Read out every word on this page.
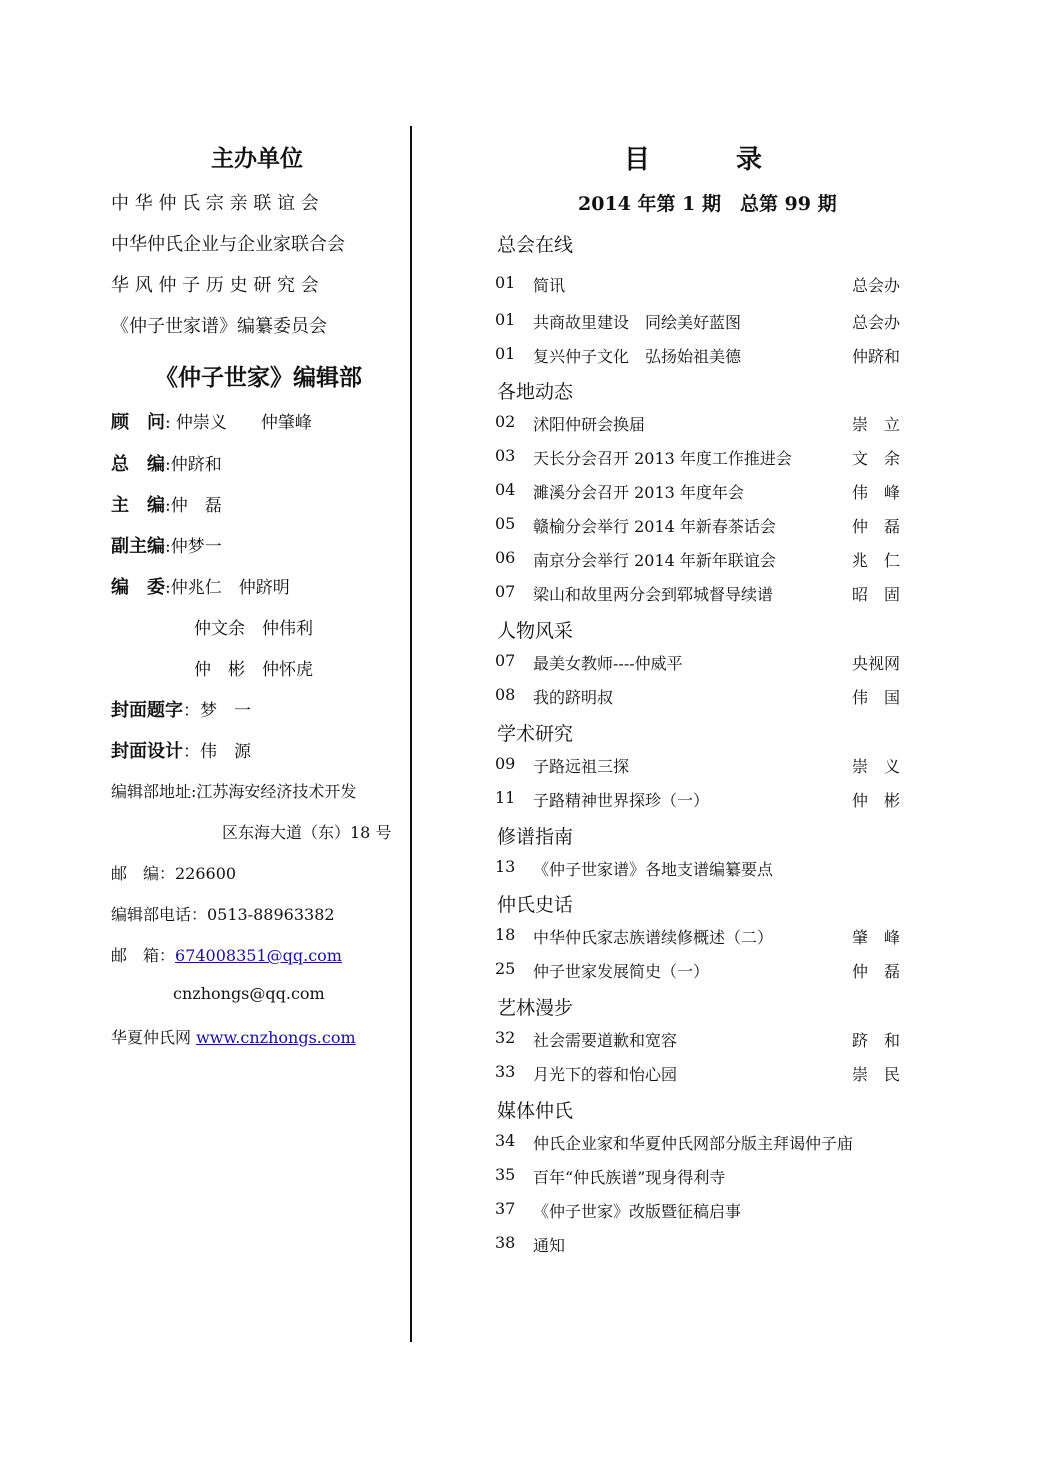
主办单位
中 华 仲 氏 宗 亲 联 谊 会
中华仲氏企业与企业家联合会
华 风 仲 子 历 史 研 究 会
《仲子世家谱》编纂委员会
《仲子世家》编辑部
顾　问: 仲崇义　　仲肇峰
总　编:仲跻和
主　编:仲　磊
副主编:仲梦一
编　委:仲兆仁　仲跻明
仲文余　仲伟利
仲　彬　仲怀虎
封面题字：梦　一
封面设计：伟　源
编辑部地址:江苏海安经济技术开发
区东海大道（东）18 号
邮　编：226600
编辑部电话：0513-88963382
邮　箱：674008351@qq.com
cnzhongs@qq.com
华夏仲氏网 www.cnzhongs.com
目　　　录
2014 年第 1 期　总第 99 期
总会在线
01 简讯	总会办
01 共商故里建设　同绘美好蓝图	总会办
01 复兴仲子文化　弘扬始祖美德	仲跻和
各地动态
02 沭阳仲研会换届	崇　立
03 天长分会召开 2013 年度工作推进会	文　余
04 濉溪分会召开 2013 年度年会	伟　峰
05 赣榆分会举行 2014 年新春茶话会	仲　磊
06 南京分会举行 2014 年新年联谊会	兆　仁
07 梁山和故里两分会到郓城督导续谱	昭　固
人物风采
07 最美女教师----仲威平	央视网
08 我的跻明叔	伟　国
学术研究
09 子路远祖三探	崇　义
11 子路精神世界探珍（一）	仲　彬
修谱指南
13 《仲子世家谱》各地支谱编纂要点
仲氏史话
18 中华仲氏家志族谱续修概述（二）	肇　峰
25 仲子世家发展简史（一）	仲　磊
艺林漫步
32 社会需要道歉和宽容	跻　和
33 月光下的蓉和怡心园	崇　民
媒体仲氏
34 仲氏企业家和华夏仲氏网部分版主拜谒仲子庙
35 百年“仲氏族谱”现身得利寺
37 《仲子世家》改版暨征稿启事
38 通知
